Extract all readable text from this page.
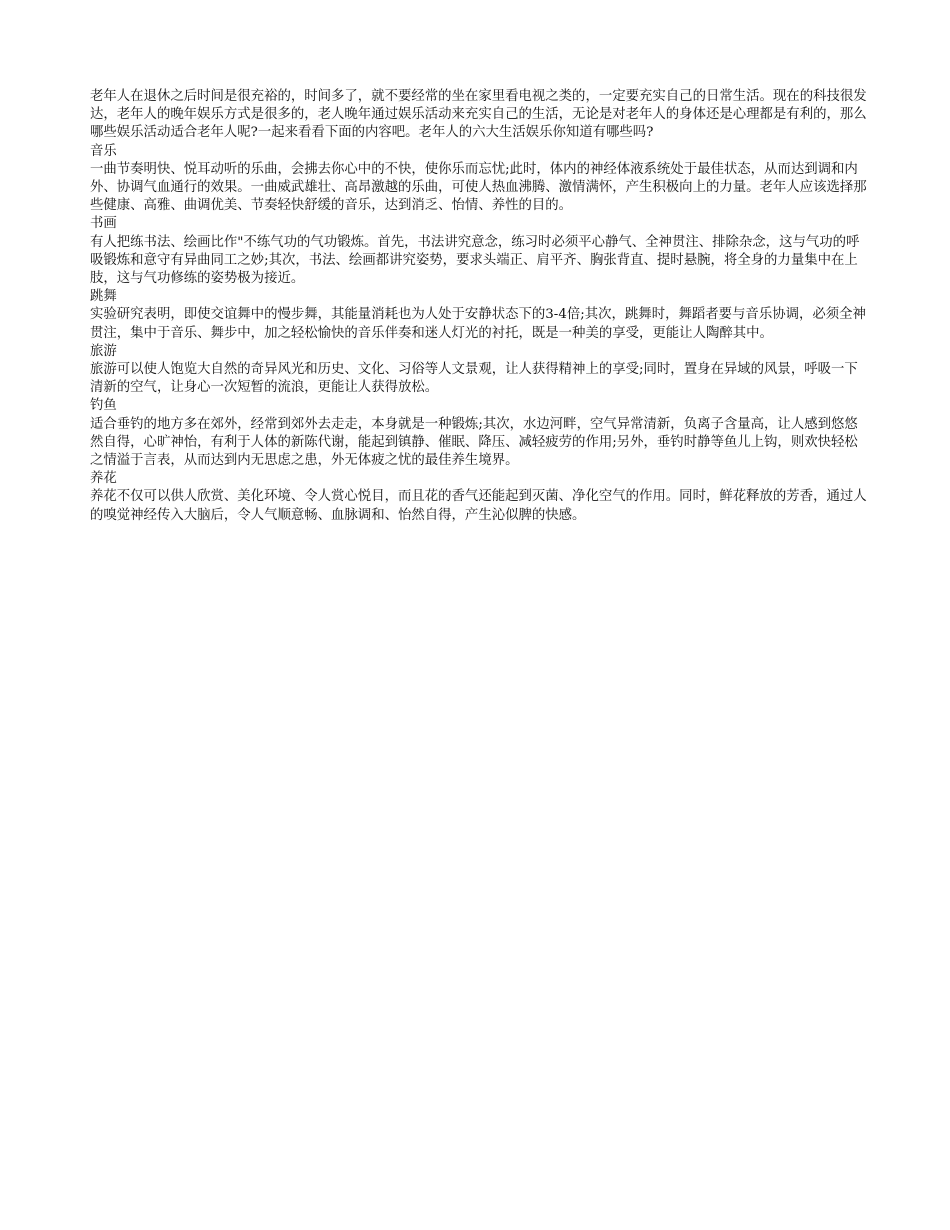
老年人在退休之后时间是很充裕的，时间多了，就不要经常的坐在家里看电视之类的，一定要充实自己的日常生活。现在的科技很发达，老年人的晚年娱乐方式是很多的，老人晚年通过娱乐活动来充实自己的生活，无论是对老年人的身体还是心理都是有利的，那么哪些娱乐活动适合老年人呢?一起来看看下面的内容吧。老年人的六大生活娱乐你知道有哪些吗?

音乐

一曲节奏明快、悦耳动听的乐曲，会拂去你心中的不快，使你乐而忘忧;此时，体内的神经体液系统处于最佳状态，从而达到调和内外、协调气血通行的效果。一曲威武雄壮、高昂激越的乐曲，可使人热血沸腾、激情满怀，产生积极向上的力量。老年人应该选择那些健康、高雅、曲调优美、节奏轻快舒缓的音乐，达到消乏、怡情、养性的目的。

书画

有人把练书法、绘画比作"不练气功的气功锻炼。首先，书法讲究意念，练习时必须平心静气、全神贯注、排除杂念，这与气功的呼吸锻炼和意守有异曲同工之妙;其次，书法、绘画都讲究姿势，要求头端正、肩平齐、胸张背直、提时悬腕，将全身的力量集中在上肢，这与气功修练的姿势极为接近。

跳舞

实验研究表明，即使交谊舞中的慢步舞，其能量消耗也为人处于安静状态下的3-4倍;其次，跳舞时，舞蹈者要与音乐协调，必须全神贯注，集中于音乐、舞步中，加之轻松愉快的音乐伴奏和迷人灯光的衬托，既是一种美的享受，更能让人陶醉其中。

旅游

旅游可以使人饱览大自然的奇异风光和历史、文化、习俗等人文景观，让人获得精神上的享受;同时，置身在异域的风景，呼吸一下清新的空气，让身心一次短暂的流浪，更能让人获得放松。

钓鱼

适合垂钓的地方多在郊外，经常到郊外去走走，本身就是一种锻炼;其次，水边河畔，空气异常清新，负离子含量高，让人感到悠悠然自得，心旷神怡，有利于人体的新陈代谢，能起到镇静、催眠、降压、减轻疲劳的作用;另外，垂钓时静等鱼儿上钩，则欢快轻松之情溢于言表，从而达到内无思虑之患，外无体疲之忧的最佳养生境界。

养花

养花不仅可以供人欣赏、美化环境、令人赏心悦目，而且花的香气还能起到灭菌、净化空气的作用。同时，鲜花释放的芳香，通过人的嗅觉神经传入大脑后，令人气顺意畅、血脉调和、怡然自得，产生沁似脾的快感。
